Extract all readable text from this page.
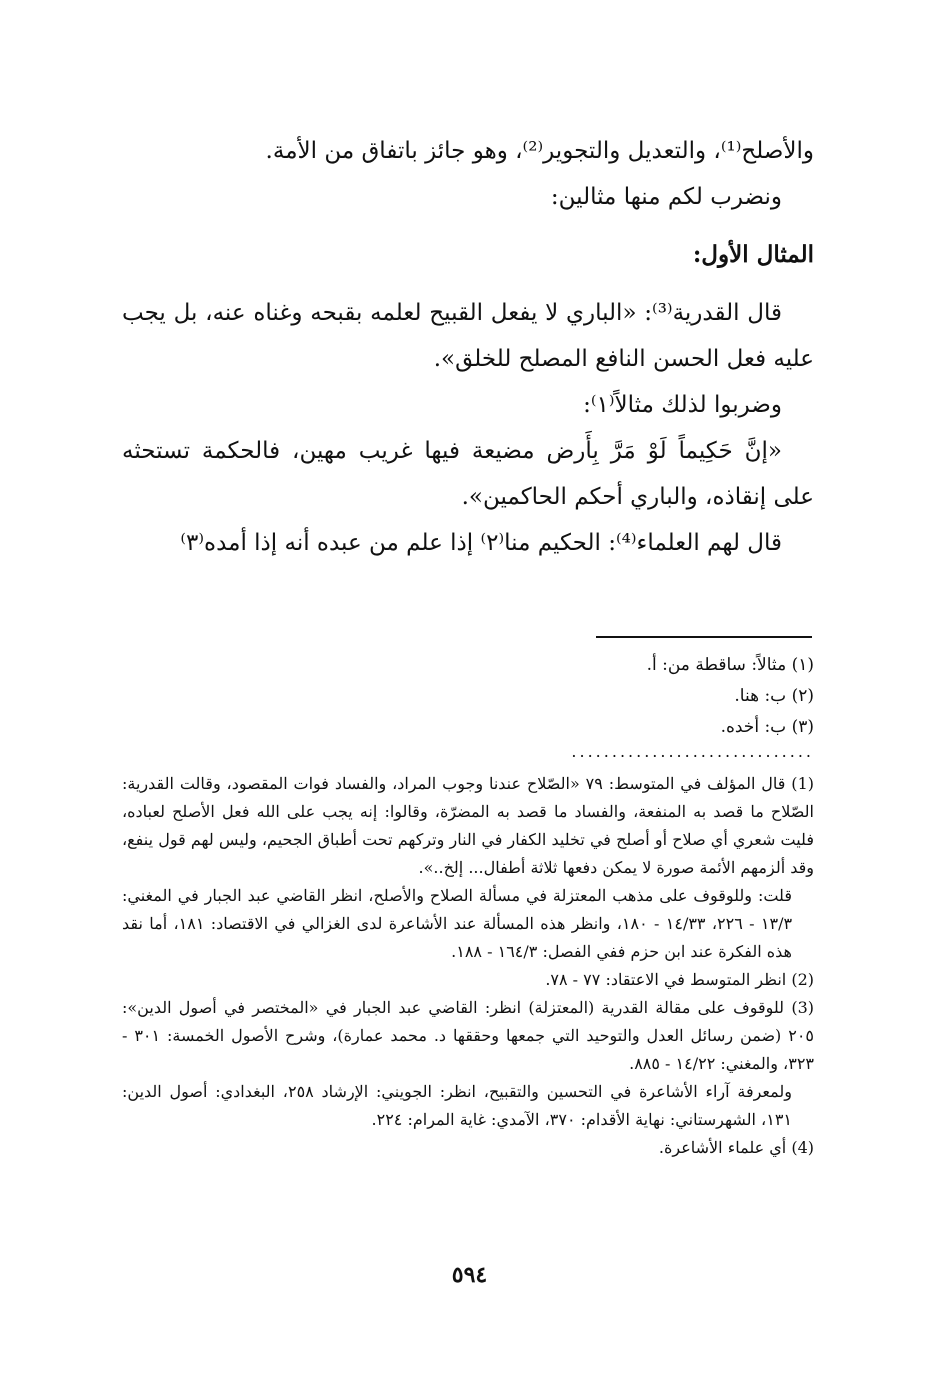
والأصلح⁽¹⁾، والتعديل والتجوير⁽²⁾، وهو جائز باتفاق من الأمة.

ونضرب لكم منها مثالين:

المثال الأول:

قال القدرية⁽³⁾: «الباري لا يفعل القبيح لعلمه بقبحه وغناه عنه، بل يجب عليه فعل الحسن النافع المصلح للخلق».

وضربوا لذلك مثالاً⁽١⁾:

«إنَّ حَكِيماً لَوْ مَرَّ بِأَرض مضيعة فيها غريب مهين، فالحكمة تستحثه على إنقاذه، والباري أحكم الحاكمين».

قال لهم العلماء⁽⁴⁾: الحكيم منا⁽٢⁾ إذا علم من عبده أنه إذا أمده⁽٣⁾

(١) مثالاً: ساقطة من: أ.

(٢) ب: هنا.

(٣) ب: أخده.

..............................

(1) قال المؤلف في المتوسط: ٧٩ «الصّلاح عندنا وجوب المراد، والفساد فوات المقصود، وقالت القدرية: الصّلاح ما قصد به المنفعة، والفساد ما قصد به المضرّة، وقالوا: إنه يجب على الله فعل الأصلح لعباده، فليت شعري أي صلاح أو أصلح في تخليد الكفار في النار وتركهم تحت أطباق الجحيم، وليس لهم قول ينفع، وقد ألزمهم الأئمة صورة لا يمكن دفعها ثلاثة أطفال... إلخ..».

قلت: وللوقوف على مذهب المعتزلة في مسألة الصلاح والأصلح، انظر القاضي عبد الجبار في المغني: ١٣/٣ - ٢٢٦، ١٤/٣٣ - ١٨٠، وانظر هذه المسألة عند الأشاعرة لدى الغزالي في الاقتصاد: ١٨١، أما نقد هذه الفكرة عند ابن حزم ففي الفصل: ١٦٤/٣ - ١٨٨.

(2) انظر المتوسط في الاعتقاد: ٧٧ - ٧٨.

(3) للوقوف على مقالة القدرية (المعتزلة) انظر: القاضي عبد الجبار في «المختصر في أصول الدين»: ٢٠٥ (ضمن رسائل العدل والتوحيد التي جمعها وحققها د. محمد عمارة)، وشرح الأصول الخمسة: ٣٠١ - ٣٢٣، والمغني: ١٤/٢٢ - ٨٨٥.

ولمعرفة آراء الأشاعرة في التحسين والتقبيح، انظر: الجويني: الإرشاد ٢٥٨، البغدادي: أصول الدين: ١٣١، الشهرستاني: نهاية الأقدام: ٣٧٠، الآمدي: غاية المرام: ٢٢٤.

(4) أي علماء الأشاعرة.

٥٩٤
